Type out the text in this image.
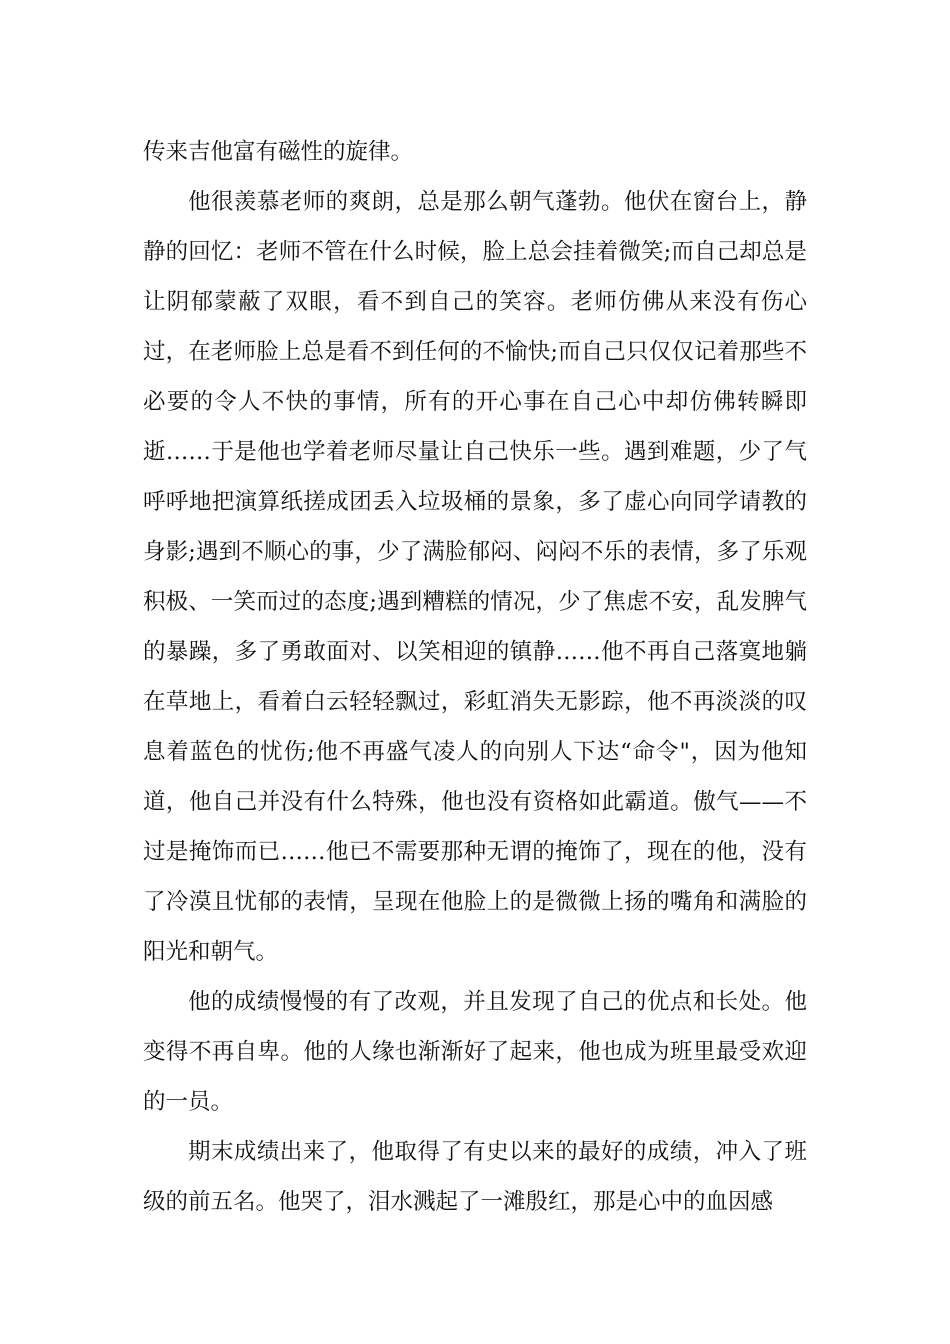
传来吉他富有磁性的旋律。

他很羡慕老师的爽朗，总是那么朝气蓬勃。他伏在窗台上，静静的回忆：老师不管在什么时候，脸上总会挂着微笑;而自己却总是让阴郁蒙蔽了双眼，看不到自己的笑容。老师仿佛从来没有伤心过，在老师脸上总是看不到任何的不愉快;而自己只仅仅记着那些不必要的令人不快的事情，所有的开心事在自己心中却仿佛转瞬即逝……于是他也学着老师尽量让自己快乐一些。遇到难题，少了气呼呼地把演算纸搓成团丢入垃圾桶的景象，多了虚心向同学请教的身影;遇到不顺心的事，少了满脸郁闷、闷闷不乐的表情，多了乐观积极、一笑而过的态度;遇到糟糕的情况，少了焦虑不安，乱发脾气的暴躁，多了勇敢面对、以笑相迎的镇静……他不再自己落寞地躺在草地上，看着白云轻轻飘过，彩虹消失无影踪，他不再淡淡的叹息着蓝色的忧伤;他不再盛气凌人的向别人下达“命令"，因为他知道，他自己并没有什么特殊，他也没有资格如此霸道。傲气——不过是掩饰而已……他已不需要那种无谓的掩饰了，现在的他，没有了冷漠且忧郁的表情，呈现在他脸上的是微微上扬的嘴角和满脸的阳光和朝气。

他的成绩慢慢的有了改观，并且发现了自己的优点和长处。他变得不再自卑。他的人缘也渐渐好了起来，他也成为班里最受欢迎的一员。

期末成绩出来了，他取得了有史以来的最好的成绩，冲入了班级的前五名。他哭了，泪水溅起了一滩殷红，那是心中的血因感
